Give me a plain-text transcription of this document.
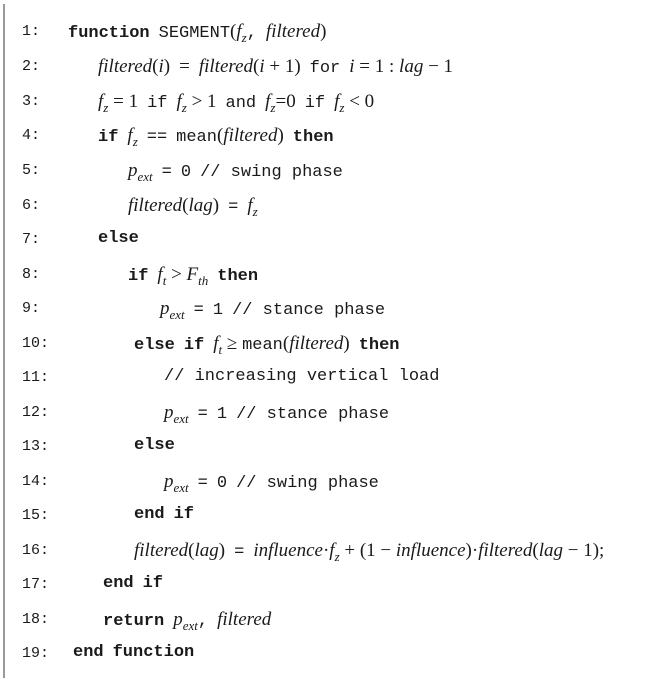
1:	function SEGMENT ( f z , filtered )
2:	filtered ( i ) = filtered ( i + 1 ) for i = 1 : lag − 1
3:	f z = 1 if f z > 1 and f z = 0 if f z < 0
4:	if f z == mean ( filtered ) then
5:	p ext = 0 // swing phase
6:	filtered ( lag ) = f z
7:	else
8:	if f t > F th then
9:	p ext = 1 // stance phase
10:	else if f t ≥ mean ( filtered ) then
11:	// increasing vertical load
12:	p ext = 1 // stance phase
13:	else
14:	p ext = 0 // swing phase
15:	end if
16:	filtered ( lag ) = influence · f z + ( 1 − influence ) · filtered ( lag − 1 );
17:	end if
18:	return p ext , filtered
19:	end function
